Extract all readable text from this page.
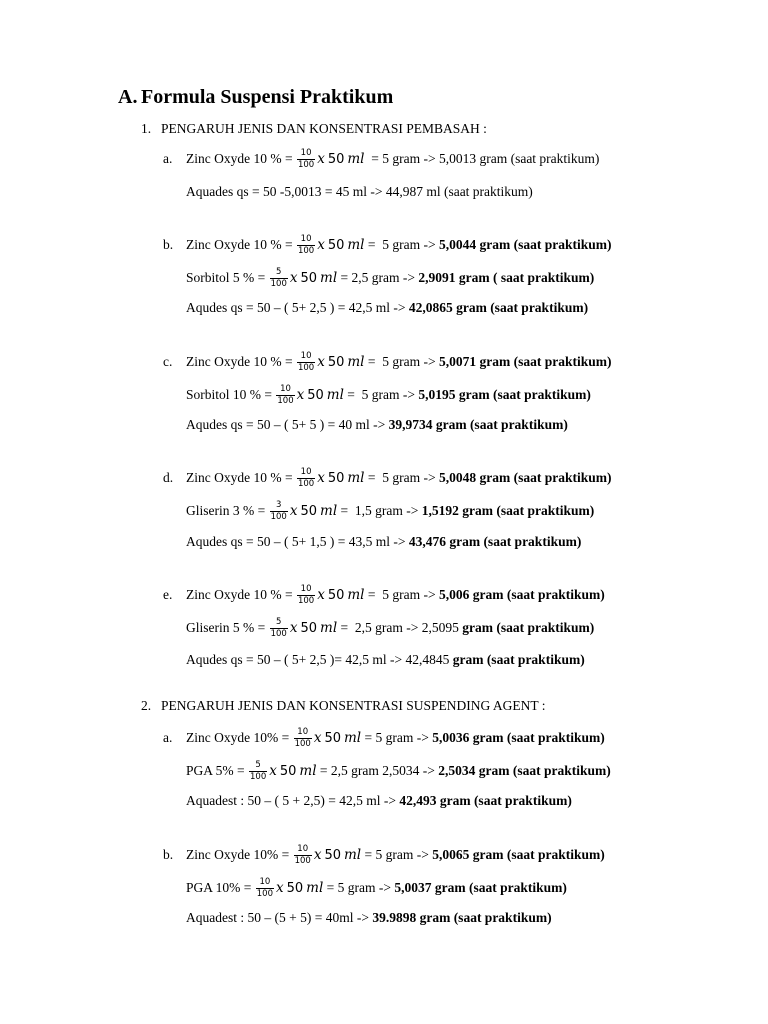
A. Formula Suspensi Praktikum
1. PENGARUH JENIS DAN KONSENTRASI PEMBASAH :
2. PENGARUH JENIS DAN KONSENTRASI SUSPENDING AGENT :
a. Zinc Oxyde 10 % = $\frac{10}{100}$ x 50 ml = 5 gram -> 5,0013 gram (saat praktikum)
Aquades qs = 50 -5,0013 = 45 ml -> 44,987 ml (saat praktikum)
b. Zinc Oxyde 10 % = $\frac{10}{100}$ x 50 ml =  5 gram -> 5,0044 gram (saat praktikum)
Sorbitol 5 % = $\frac{5}{100}$ x 50 ml = 2,5 gram -> 2,9091 gram ( saat praktikum)
Aqudes qs = 50 – ( 5+ 2,5 ) = 42,5 ml -> 42,0865 gram (saat praktikum)
c. Zinc Oxyde 10 % = $\frac{10}{100}$ x 50 ml =  5 gram -> 5,0071 gram (saat praktikum)
Sorbitol 10 % = $\frac{10}{100}$ x 50 ml =  5 gram -> 5,0195 gram (saat praktikum)
Aqudes qs = 50 – ( 5+ 5 ) = 40 ml -> 39,9734 gram (saat praktikum)
d. Zinc Oxyde 10 % = $\frac{10}{100}$ x 50 ml =  5 gram -> 5,0048 gram (saat praktikum)
Gliserin 3 % = $\frac{3}{100}$ x 50 ml =  1,5 gram -> 1,5192 gram (saat praktikum)
Aqudes qs = 50 – ( 5+ 1,5 ) = 43,5 ml -> 43,476 gram (saat praktikum)
e. Zinc Oxyde 10 % = $\frac{10}{100}$ x 50 ml =  5 gram -> 5,006 gram (saat praktikum)
Gliserin 5 % = $\frac{5}{100}$ x 50 ml =  2,5 gram -> 2,5095 gram (saat praktikum)
Aqudes qs = 50 – ( 5+ 2,5 )= 42,5 ml -> 42,4845 gram (saat praktikum)
a. Zinc Oxyde $10\% = \frac{10}{100}$ x 50 ml = 5 gram -> 5,0036 gram (saat praktikum)
PGA $5\% = \frac{5}{100}$ x 50 ml = 2,5 gram 2,5034 -> 2,5034 gram (saat praktikum)
Aquadest : 50 – ( 5 + 2,5) = 42,5 ml -> 42,493 gram (saat praktikum)
b. Zinc Oxyde $10\% = \frac{10}{100}$ x 50 ml = 5 gram -> 5,0065 gram (saat praktikum)
PGA $10\% = \frac{10}{100}$ x 50 ml = 5 gram -> 5,0037 gram (saat praktikum)
Aquadest : 50 – (5 + 5) = 40ml -> 39.9898 gram (saat praktikum)
